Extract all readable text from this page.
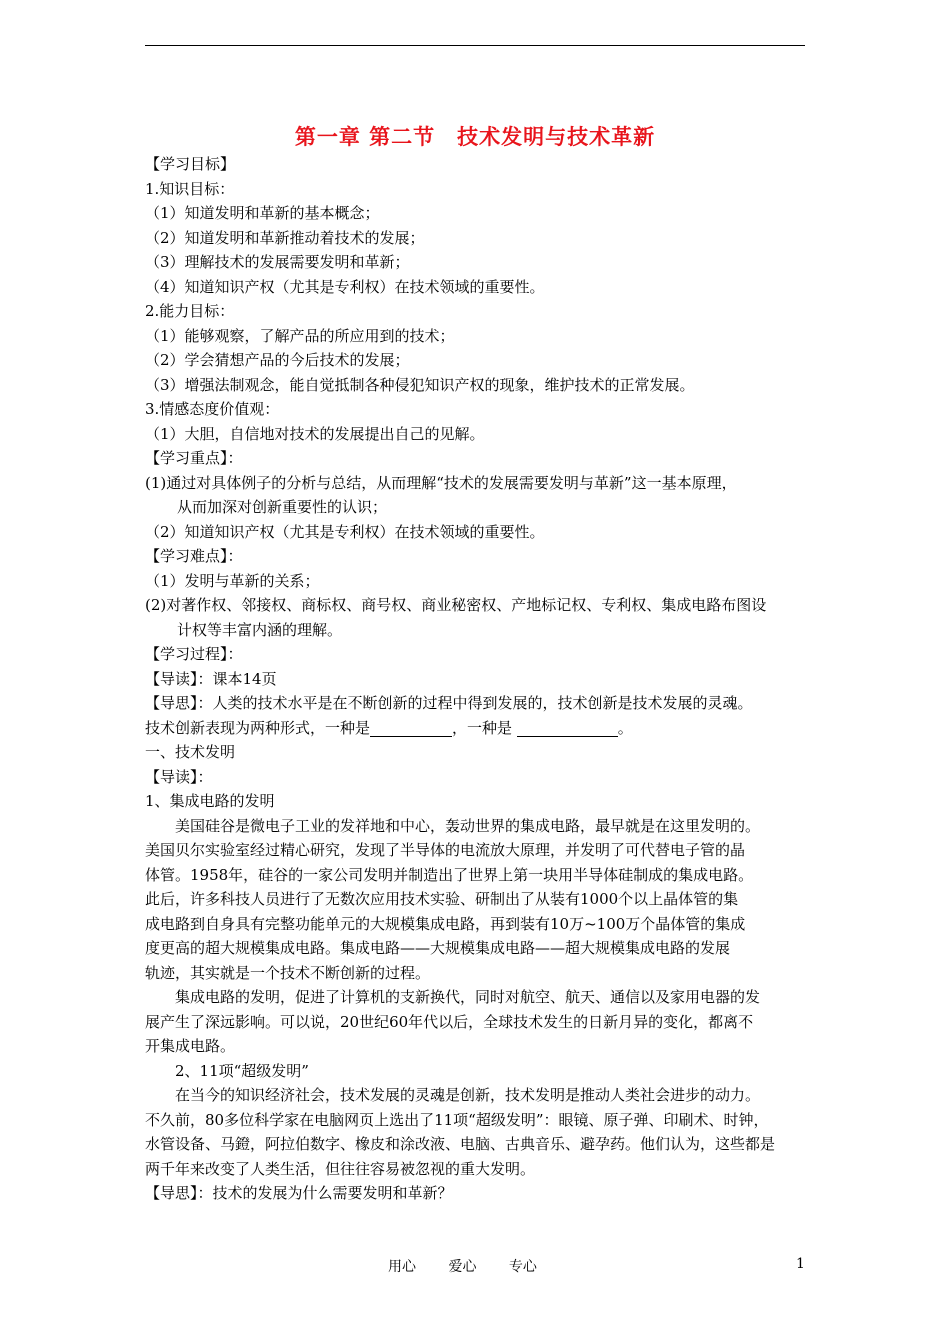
第一章 第二节　技术发明与技术革新
【学习目标】
1.知识目标：
（1）知道发明和革新的基本概念；
（2）知道发明和革新推动着技术的发展；
（3）理解技术的发展需要发明和革新；
（4）知道知识产权（尤其是专利权）在技术领域的重要性。
2.能力目标：
（1）能够观察，了解产品的所应用到的技术；
（2）学会猜想产品的今后技术的发展；
（3）增强法制观念，能自觉抵制各种侵犯知识产权的现象，维护技术的正常发展。
3.情感态度价值观：
（1）大胆，自信地对技术的发展提出自己的见解。
【学习重点】：
(1)通过对具体例子的分析与总结，从而理解“技术的发展需要发明与革新”这一基本原理，
从而加深对创新重要性的认识；
（2）知道知识产权（尤其是专利权）在技术领域的重要性。
【学习难点】：
（1）发明与革新的关系；
(2)对著作权、邻接权、商标权、商号权、商业秘密权、产地标记权、专利权、集成电路布图设
计权等丰富内涵的理解。
【学习过程】：
【导读】：课本14页
【导思】：人类的技术水平是在不断创新的过程中得到发展的，技术创新是技术发展的灵魂。
技术创新表现为两种形式，一种是	，一种是	。
一、技术发明
【导读】：
1、集成电路的发明
美国硅谷是微电子工业的发祥地和中心，轰动世界的集成电路，最早就是在这里发明的。
美国贝尔实验室经过精心研究，发现了半导体的电流放大原理，并发明了可代替电子管的晶
体管。1958年，硅谷的一家公司发明并制造出了世界上第一块用半导体硅制成的集成电路。
此后，许多科技人员进行了无数次应用技术实验、研制出了从装有1000个以上晶体管的集
成电路到自身具有完整功能单元的大规模集成电路，再到装有10万~100万个晶体管的集成
度更高的超大规模集成电路。集成电路——大规模集成电路——超大规模集成电路的发展
轨迹，其实就是一个技术不断创新的过程。
集成电路的发明，促进了计算机的支新换代，同时对航空、航天、通信以及家用电器的发
展产生了深远影响。可以说，20世纪60年代以后，全球技术发生的日新月异的变化，都离不
开集成电路。
2、11项“超级发明”
在当今的知识经济社会，技术发展的灵魂是创新，技术发明是推动人类社会进步的动力。
不久前，80多位科学家在电脑网页上选出了11项“超级发明”：眼镜、原子弹、印刷术、时钟，
水管设备、马鐙，阿拉伯数字、橡皮和涂改液、电脑、古典音乐、避孕药。他们认为，这些都是
两千年来改变了人类生活，但往往容易被忽视的重大发明。
【导思】：技术的发展为什么需要发明和革新？
用心 爱心 专心	1
